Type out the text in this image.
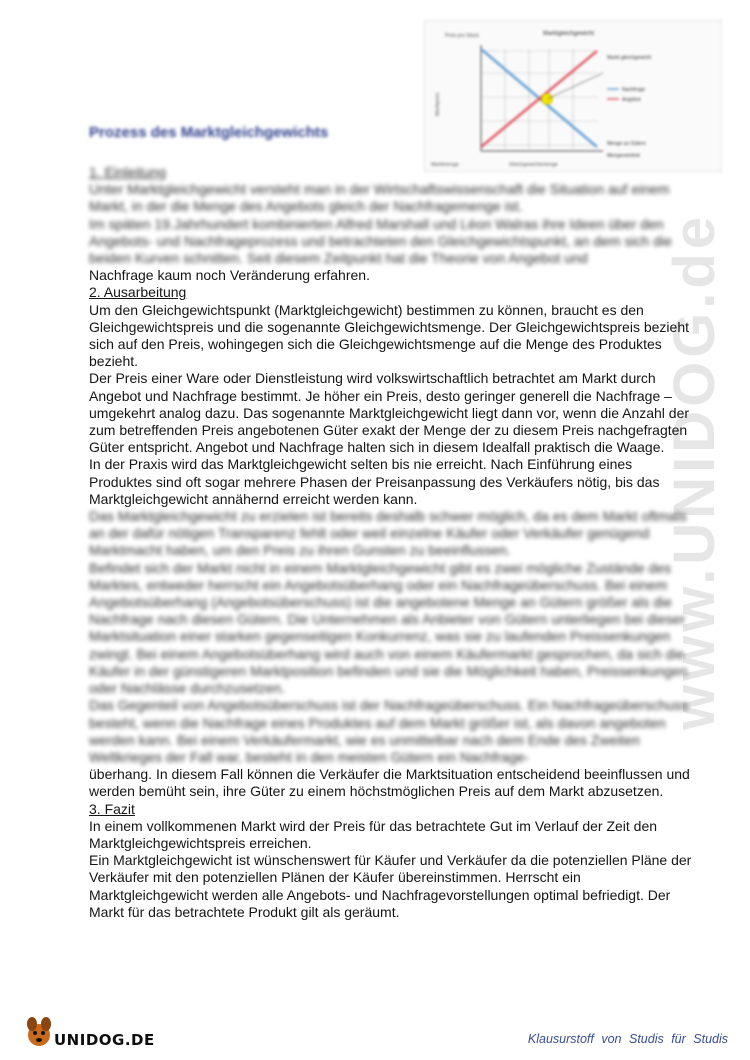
www.UNIDOG.de
Marktgleichgewicht
Preis pro Stück
Marktpreis
Markt-gleichgewicht
Nachfrage
Angebot
Menge an Gütern
Mengeneinheit
Marktmenge	Gleichgewichtsmenge
Prozess des Marktgleichgewichts

1. Einleitung

Unter Marktgleichgewicht versteht man in der Wirtschaftswissenschaft die Situation auf einem Markt, in der die Menge des Angebots gleich der Nachfragemenge ist.

Im späten 19.Jahrhundert kombinierten Alfred Marshall und Léon Walras ihre Ideen über den Angebots- und Nachfrageprozess und betrachteten den Gleichgewichtspunkt, an dem sich die beiden Kurven schnitten. Seit diesem Zeitpunkt hat die Theorie von Angebot und

Nachfrage kaum noch Veränderung erfahren.

2. Ausarbeitung

Um den Gleichgewichtspunkt (Marktgleichgewicht) bestimmen zu können, braucht es den Gleichgewichtspreis und die sogenannte Gleichgewichtsmenge. Der Gleichgewichtspreis bezieht sich auf den Preis, wohingegen sich die Gleichgewichtsmenge auf die Menge des Produktes bezieht.

Der Preis einer Ware oder Dienstleistung wird volkswirtschaftlich betrachtet am Markt durch Angebot und Nachfrage bestimmt. Je höher ein Preis, desto geringer generell die Nachfrage – umgekehrt analog dazu. Das sogenannte Marktgleichgewicht liegt dann vor, wenn die Anzahl der zum betreffenden Preis angebotenen Güter exakt der Menge der zu diesem Preis nachgefragten Güter entspricht. Angebot und Nachfrage halten sich in diesem Idealfall praktisch die Waage.

In der Praxis wird das Marktgleichgewicht selten bis nie erreicht. Nach Einführung eines Produktes sind oft sogar mehrere Phasen der Preisanpassung des Verkäufers nötig, bis das Marktgleichgewicht annähernd erreicht werden kann.

Das Marktgleichgewicht zu erzielen ist bereits deshalb schwer möglich, da es dem Markt oftmals an der dafür nötigen Transparenz fehlt oder weil einzelne Käufer oder Verkäufer genügend Marktmacht haben, um den Preis zu ihren Gunsten zu beeinflussen.

Befindet sich der Markt nicht in einem Marktgleichgewicht gibt es zwei mögliche Zustände des Marktes, entweder herrscht ein Angebotsüberhang oder ein Nachfrageüberschuss. Bei einem Angebotsüberhang (Angebotsüberschuss) ist die angebotene Menge an Gütern größer als die Nachfrage nach diesen Gütern. Die Unternehmen als Anbieter von Gütern unterliegen bei dieser Marktsituation einer starken gegenseitigen Konkurrenz, was sie zu laufenden Preissenkungen zwingt. Bei einem Angebotsüberhang wird auch von einem Käufermarkt gesprochen, da sich die Käufer in der günstigeren Marktposition befinden und sie die Möglichkeit haben, Preissenkungen oder Nachlässe durchzusetzen.

Das Gegenteil von Angebotsüberschuss ist der Nachfrageüberschuss. Ein Nachfrageüberschuss besteht, wenn die Nachfrage eines Produktes auf dem Markt größer ist, als davon angeboten werden kann. Bei einem Verkäufermarkt, wie es unmittelbar nach dem Ende des Zweiten Weltkrieges der Fall war, besteht in den meisten Gütern ein Nachfrage-

überhang. In diesem Fall können die Verkäufer die Marktsituation entscheidend beeinflussen und werden bemüht sein, ihre Güter zu einem höchstmöglichen Preis auf dem Markt abzusetzen.

3. Fazit

In einem vollkommenen Markt wird der Preis für das betrachtete Gut im Verlauf der Zeit den Marktgleichgewichtspreis erreichen.

Ein Marktgleichgewicht ist wünschenswert für Käufer und Verkäufer da die potenziellen Pläne der Verkäufer mit den potenziellen Plänen der Käufer übereinstimmen. Herrscht ein Marktgleichgewicht werden alle Angebots- und Nachfragevorstellungen optimal befriedigt. Der Markt für das betrachtete Produkt gilt als geräumt.

UNIDOG.DE	Klausurstoff von Studis für Studis
